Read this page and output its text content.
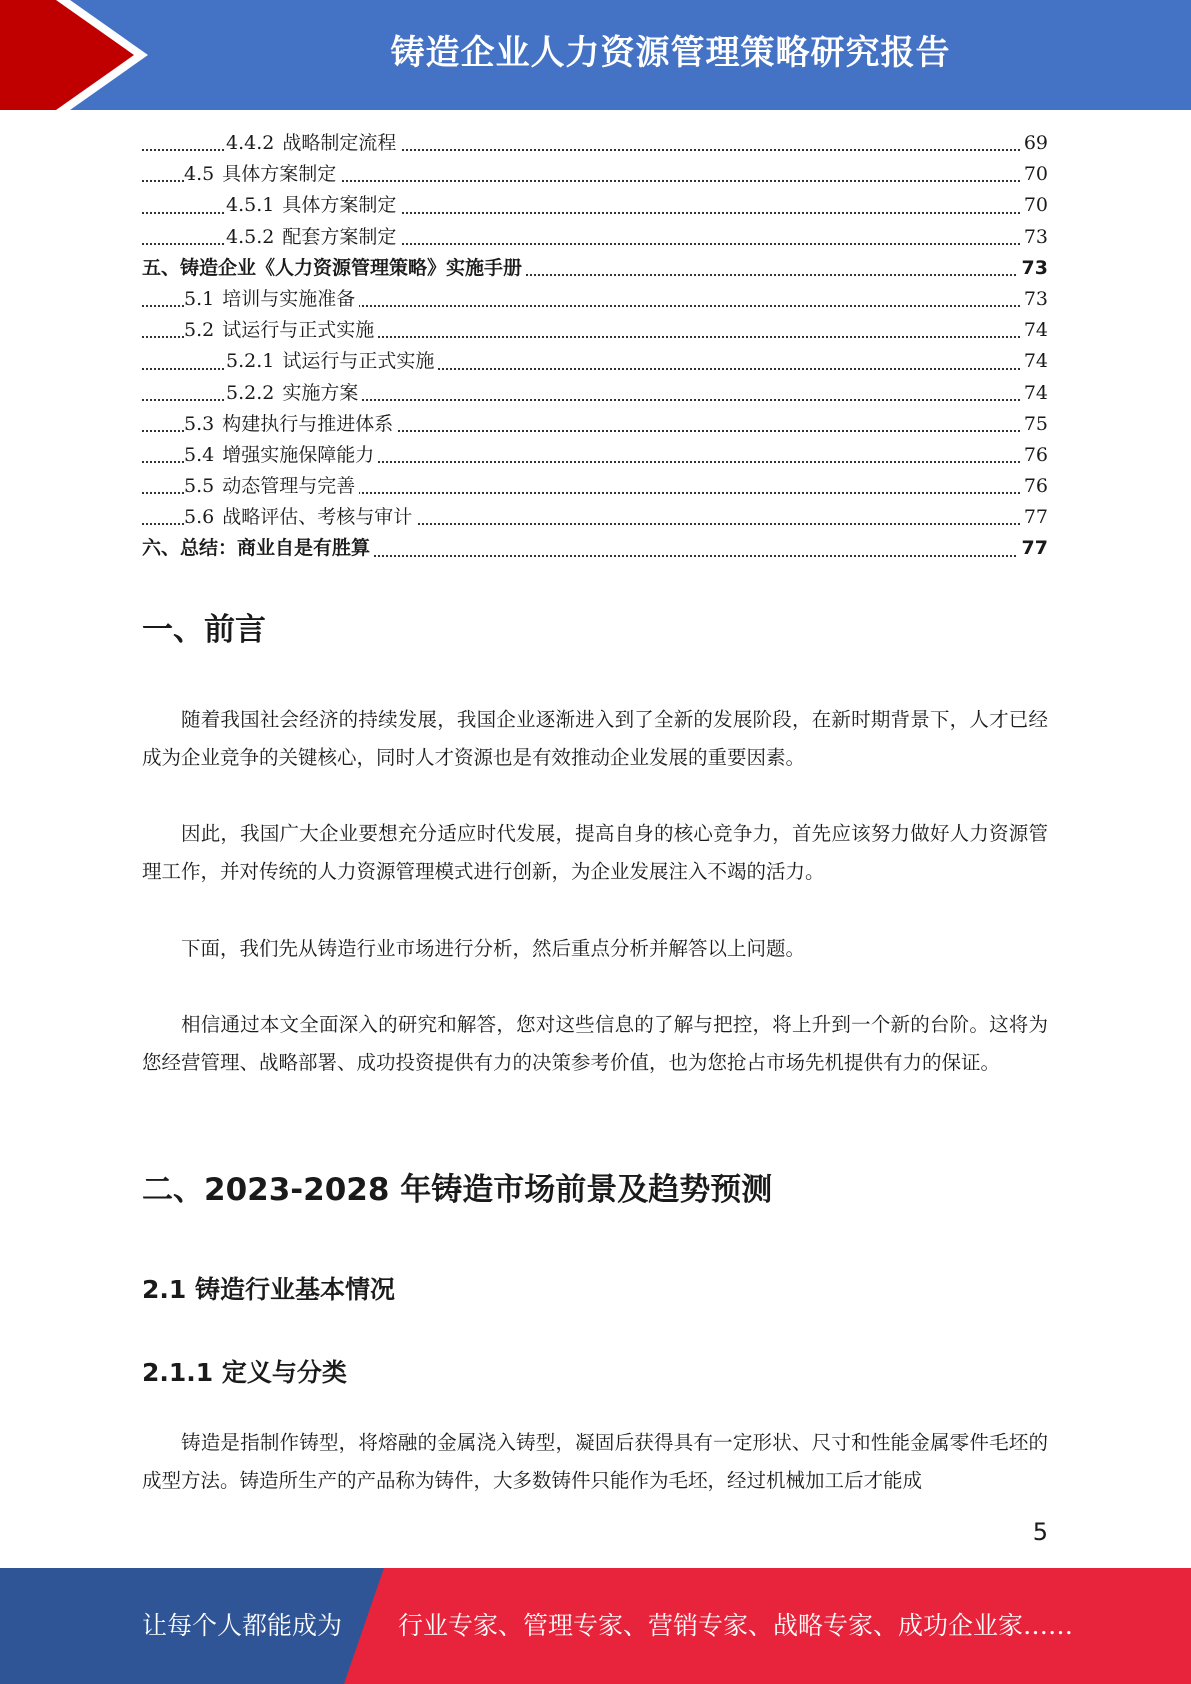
铸造企业人力资源管理策略研究报告
4.4.2 战略制定流程	69
4.5 具体方案制定	70
4.5.1 具体方案制定	70
4.5.2 配套方案制定	73
五、铸造企业《人力资源管理策略》实施手册	73
5.1 培训与实施准备	73
5.2 试运行与正式实施	74
5.2.1 试运行与正式实施	74
5.2.2 实施方案	74
5.3 构建执行与推进体系	75
5.4 增强实施保障能力	76
5.5 动态管理与完善	76
5.6 战略评估、考核与审计	77
六、总结：商业自是有胜算	77
一、前言
随着我国社会经济的持续发展，我国企业逐渐进入到了全新的发展阶段，在新时期背景下，人才已经成为企业竞争的关键核心，同时人才资源也是有效推动企业发展的重要因素。
因此，我国广大企业要想充分适应时代发展，提高自身的核心竞争力，首先应该努力做好人力资源管理工作，并对传统的人力资源管理模式进行创新，为企业发展注入不竭的活力。
下面，我们先从铸造行业市场进行分析，然后重点分析并解答以上问题。
相信通过本文全面深入的研究和解答，您对这些信息的了解与把控，将上升到一个新的台阶。这将为您经营管理、战略部署、成功投资提供有力的决策参考价值，也为您抢占市场先机提供有力的保证。
二、2023-2028 年铸造市场前景及趋势预测
2.1 铸造行业基本情况
2.1.1 定义与分类
铸造是指制作铸型，将熔融的金属浇入铸型，凝固后获得具有一定形状、尺寸和性能金属零件毛坯的成型方法。铸造所生产的产品称为铸件，大多数铸件只能作为毛坯，经过机械加工后才能成
5
让每个人都能成为 行业专家、管理专家、营销专家、战略专家、成功企业家……
